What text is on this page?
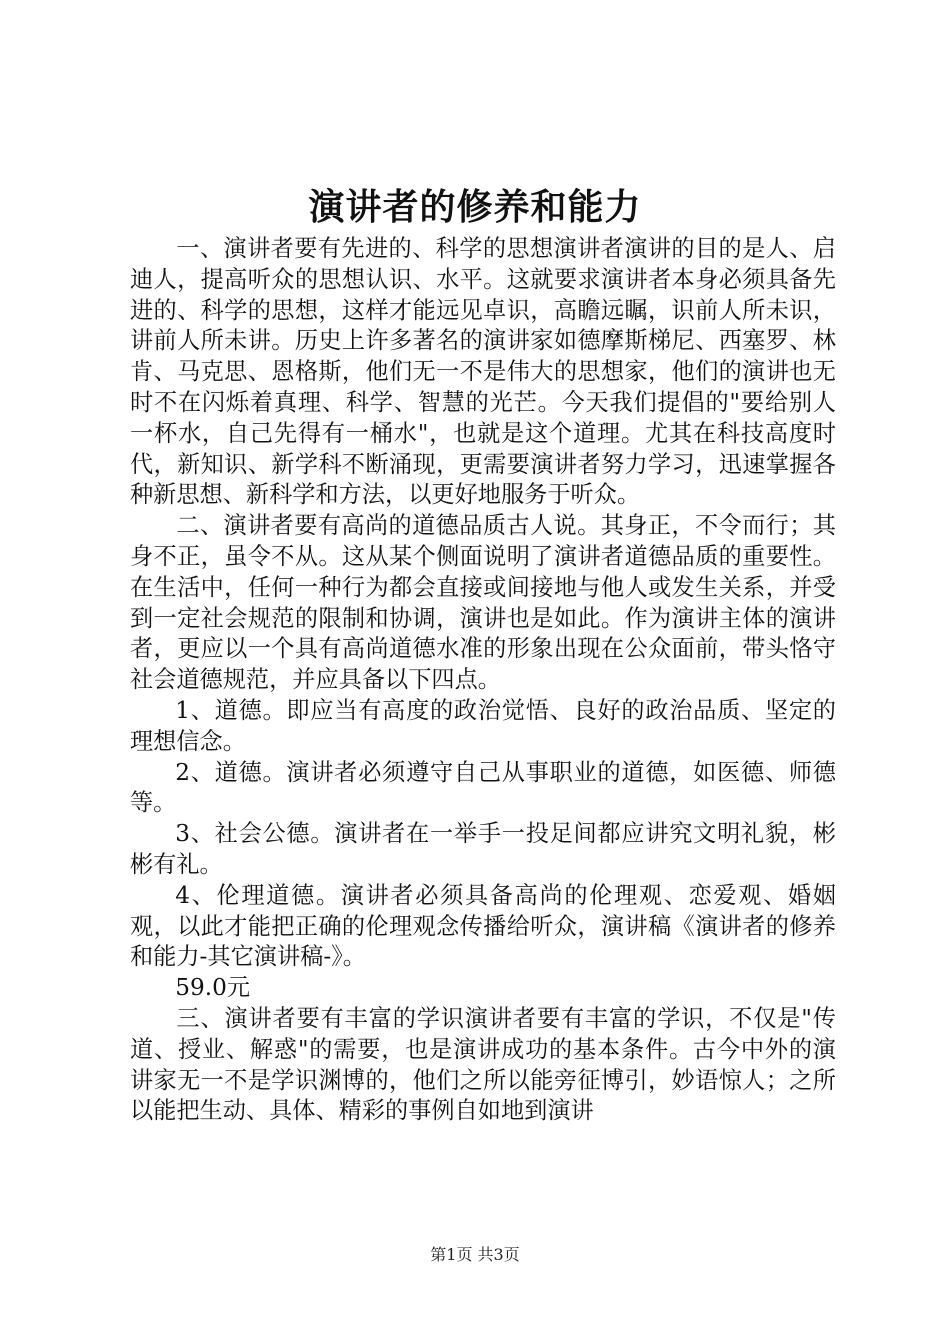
演讲者的修养和能力

一、演讲者要有先进的、科学的思想演讲者演讲的目的是人、启迪人，提高听众的思想认识、水平。这就要求演讲者本身必须具备先进的、科学的思想，这样才能远见卓识，高瞻远瞩，识前人所未识，讲前人所未讲。历史上许多著名的演讲家如德摩斯梯尼、西塞罗、林肯、马克思、恩格斯，他们无一不是伟大的思想家，他们的演讲也无时不在闪烁着真理、科学、智慧的光芒。今天我们提倡的"要给别人一杯水，自己先得有一桶水"，也就是这个道理。尤其在科技高度时代，新知识、新学科不断涌现，更需要演讲者努力学习，迅速掌握各种新思想、新科学和方法，以更好地服务于听众。

二、演讲者要有高尚的道德品质古人说。其身正，不令而行；其身不正，虽令不从。这从某个侧面说明了演讲者道德品质的重要性。在生活中，任何一种行为都会直接或间接地与他人或发生关系，并受到一定社会规范的限制和协调，演讲也是如此。作为演讲主体的演讲者，更应以一个具有高尚道德水准的形象出现在公众面前，带头恪守社会道德规范，并应具备以下四点。

1、道德。即应当有高度的政治觉悟、良好的政治品质、坚定的理想信念。

2、道德。演讲者必须遵守自己从事职业的道德，如医德、师德等。

3、社会公德。演讲者在一举手一投足间都应讲究文明礼貌，彬彬有礼。

4、伦理道德。演讲者必须具备高尚的伦理观、恋爱观、婚姻观，以此才能把正确的伦理观念传播给听众，演讲稿《演讲者的修养和能力-其它演讲稿-》。

59.0元

三、演讲者要有丰富的学识演讲者要有丰富的学识，不仅是"传道、授业、解惑"的需要，也是演讲成功的基本条件。古今中外的演讲家无一不是学识渊博的，他们之所以能旁征博引，妙语惊人；之所以能把生动、具体、精彩的事例自如地到演讲

第1页 共3页
